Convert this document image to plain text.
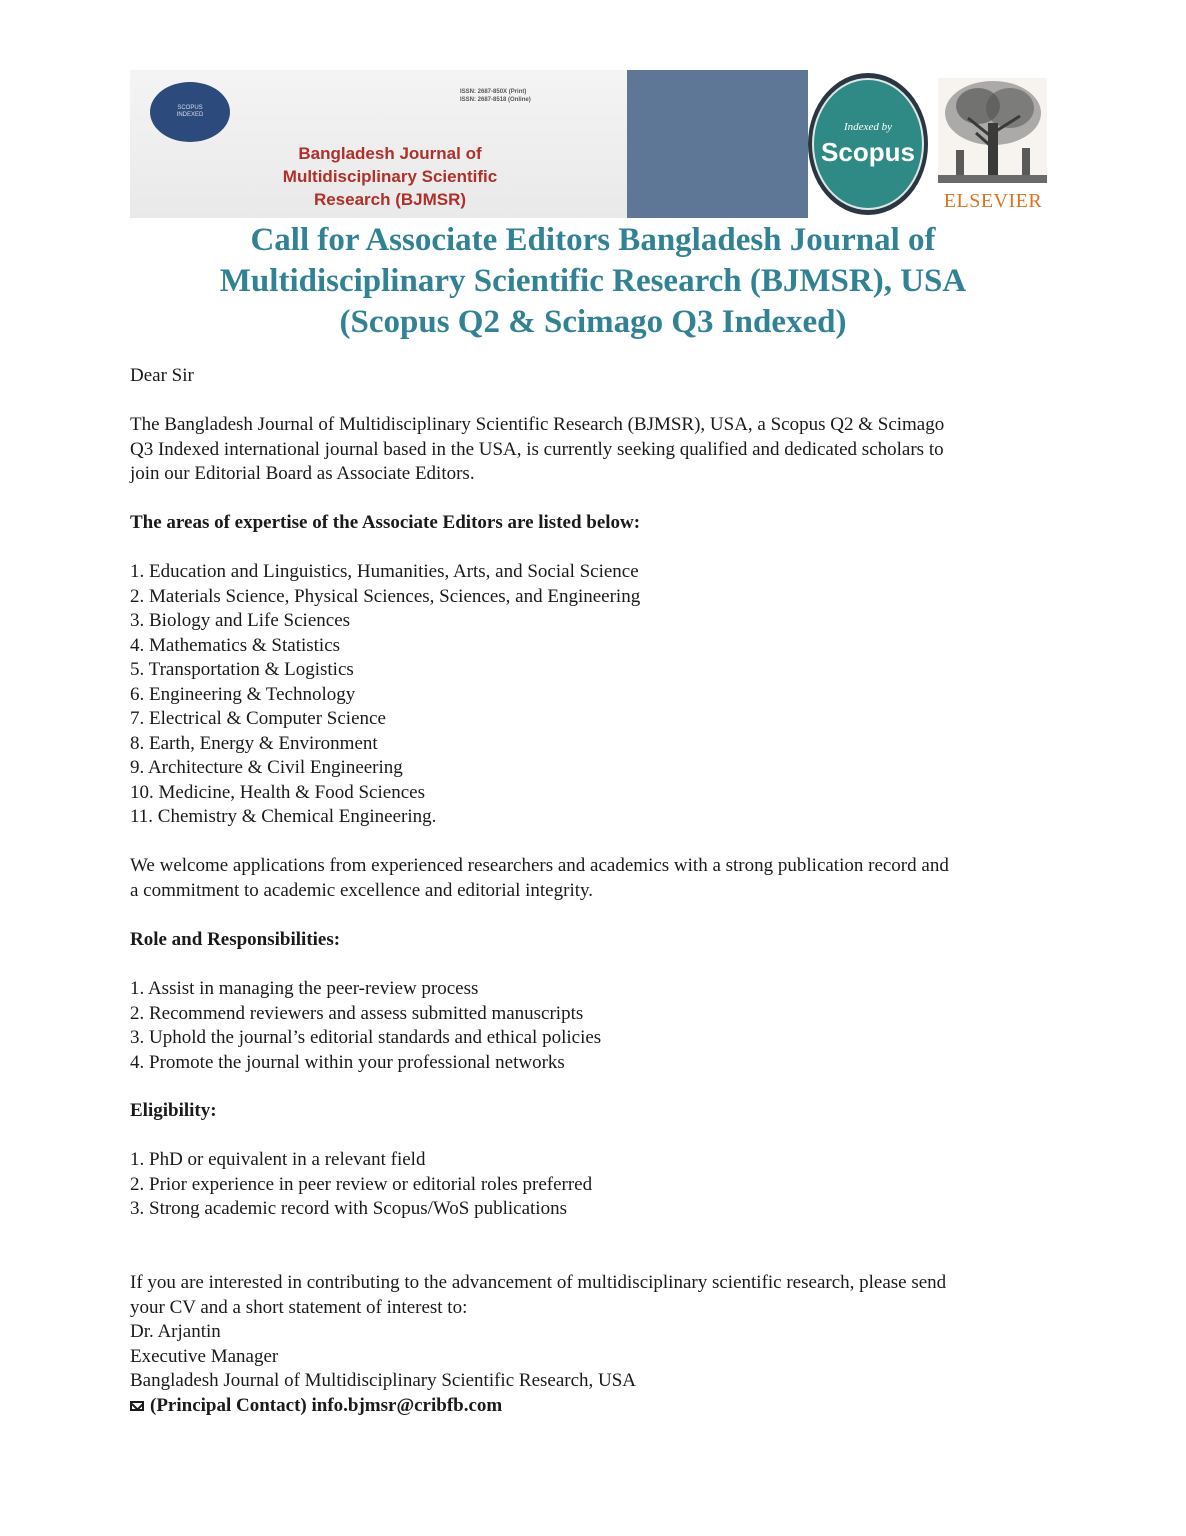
SCOPUS
INDEXED
ISSN: 2687-850X (Print)
ISSN: 2687-8518 (Online)
Bangladesh Journal of
Multidisciplinary Scientific
Research (BJMSR)
Indexed by
Scopus
ELSEVIER
Call for Associate Editors Bangladesh Journal of
Multidisciplinary Scientific Research (BJMSR), USA
(Scopus Q2 & Scimago Q3 Indexed)
Dear Sir
The Bangladesh Journal of Multidisciplinary Scientific Research (BJMSR), USA, a Scopus Q2 & Scimago
Q3 Indexed international journal based in the USA, is currently seeking qualified and dedicated scholars to
join our Editorial Board as Associate Editors.
The areas of expertise of the Associate Editors are listed below:
1. Education and Linguistics, Humanities, Arts, and Social Science
2. Materials Science, Physical Sciences, Sciences, and Engineering
3. Biology and Life Sciences
4. Mathematics & Statistics
5. Transportation & Logistics
6. Engineering & Technology
7. Electrical & Computer Science
8. Earth, Energy & Environment
9. Architecture & Civil Engineering
10. Medicine, Health & Food Sciences
11. Chemistry & Chemical Engineering.
We welcome applications from experienced researchers and academics with a strong publication record and
a commitment to academic excellence and editorial integrity.
Role and Responsibilities:
1. Assist in managing the peer-review process
2. Recommend reviewers and assess submitted manuscripts
3. Uphold the journal’s editorial standards and ethical policies
4. Promote the journal within your professional networks
Eligibility:
1. PhD or equivalent in a relevant field
2. Prior experience in peer review or editorial roles preferred
3. Strong academic record with Scopus/WoS publications
If you are interested in contributing to the advancement of multidisciplinary scientific research, please send
your CV and a short statement of interest to:
Dr. Arjantin
Executive Manager
Bangladesh Journal of Multidisciplinary Scientific Research, USA
(Principal Contact) info.bjmsr@cribfb.com
